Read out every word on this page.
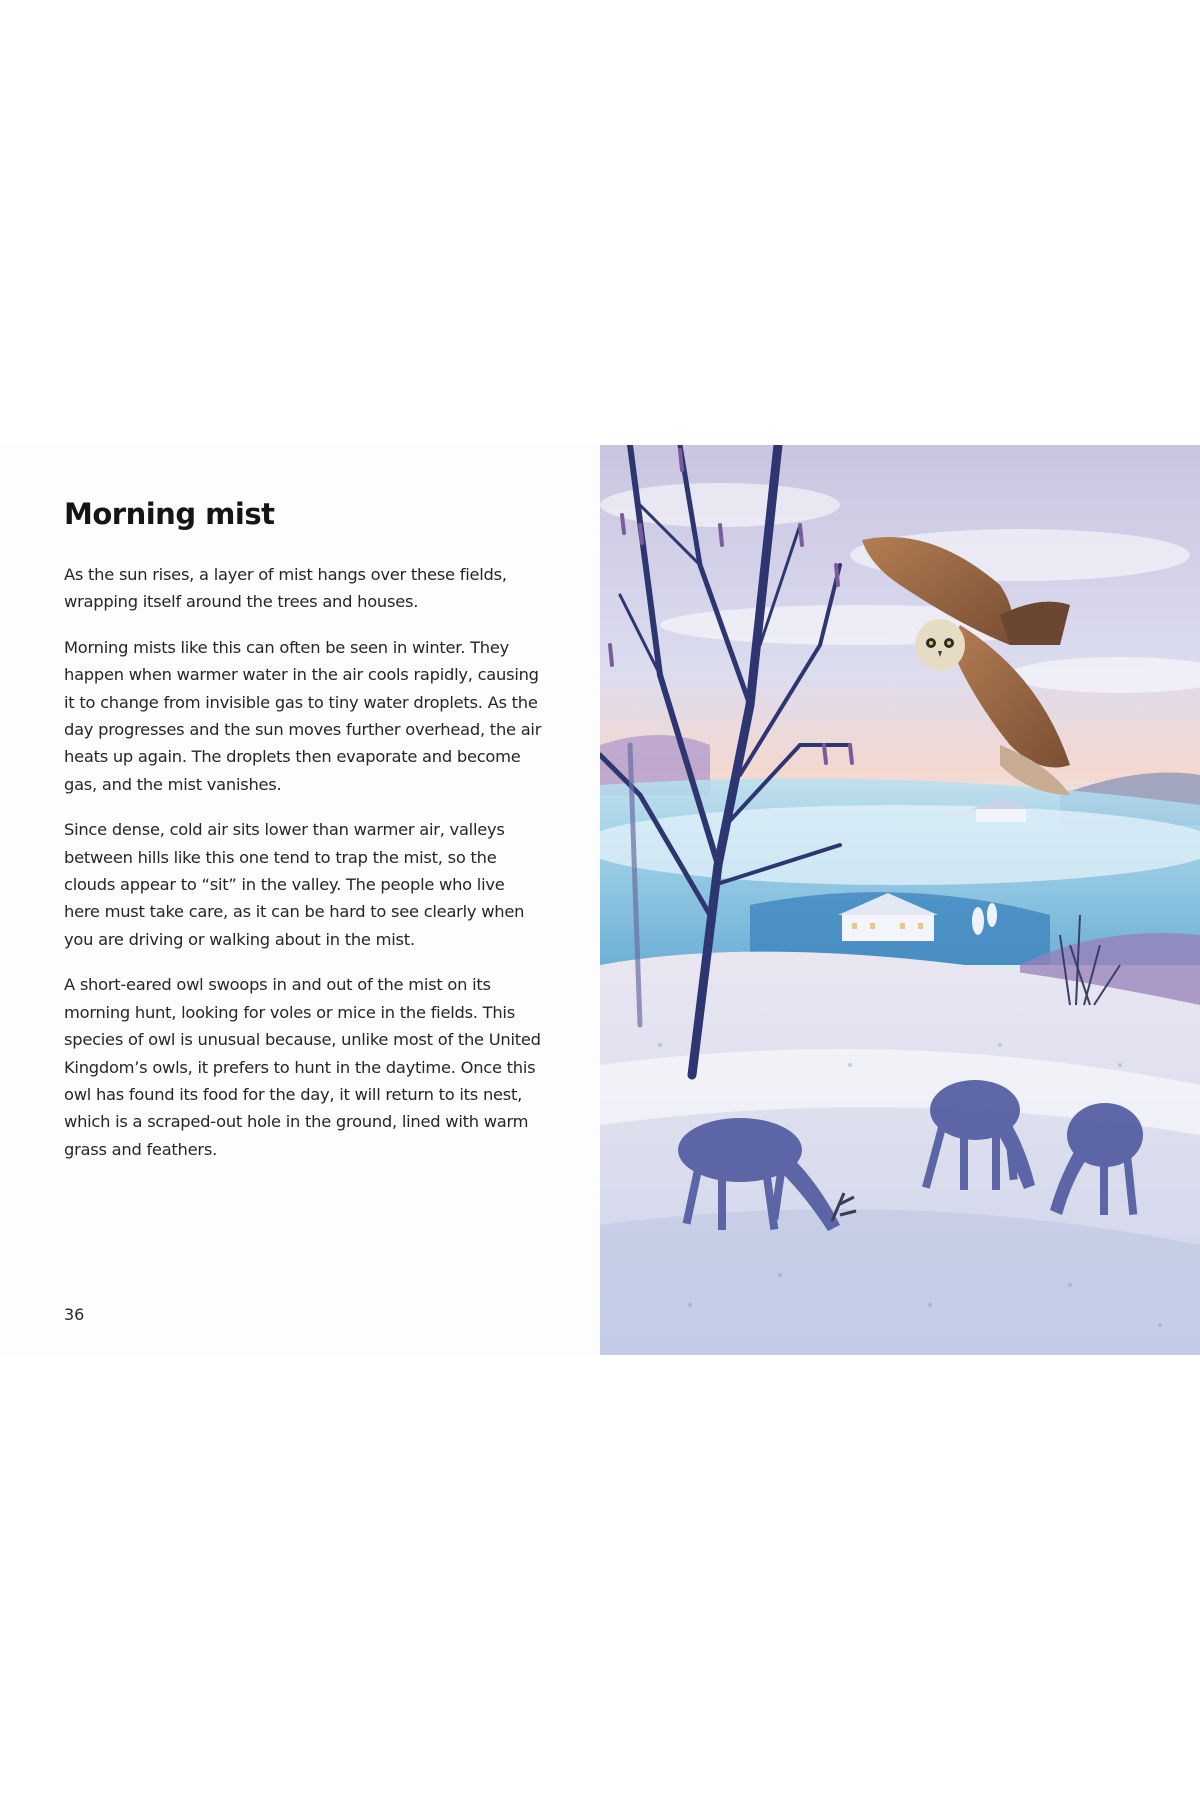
Morning mist

As the sun rises, a layer of mist hangs over these fields, wrapping itself around the trees and houses.

Morning mists like this can often be seen in winter. They happen when warmer water in the air cools rapidly, causing it to change from invisible gas to tiny water droplets. As the day progresses and the sun moves further overhead, the air heats up again. The droplets then evaporate and become gas, and the mist vanishes.

Since dense, cold air sits lower than warmer air, valleys between hills like this one tend to trap the mist, so the clouds appear to “sit” in the valley. The people who live here must take care, as it can be hard to see clearly when you are driving or walking about in the mist.

A short-eared owl swoops in and out of the mist on its morning hunt, looking for voles or mice in the fields. This species of owl is unusual because, unlike most of the United Kingdom’s owls, it prefers to hunt in the daytime. Once this owl has found its food for the day, it will return to its nest, which is a scraped-out hole in the ground, lined with warm grass and feathers.

36
